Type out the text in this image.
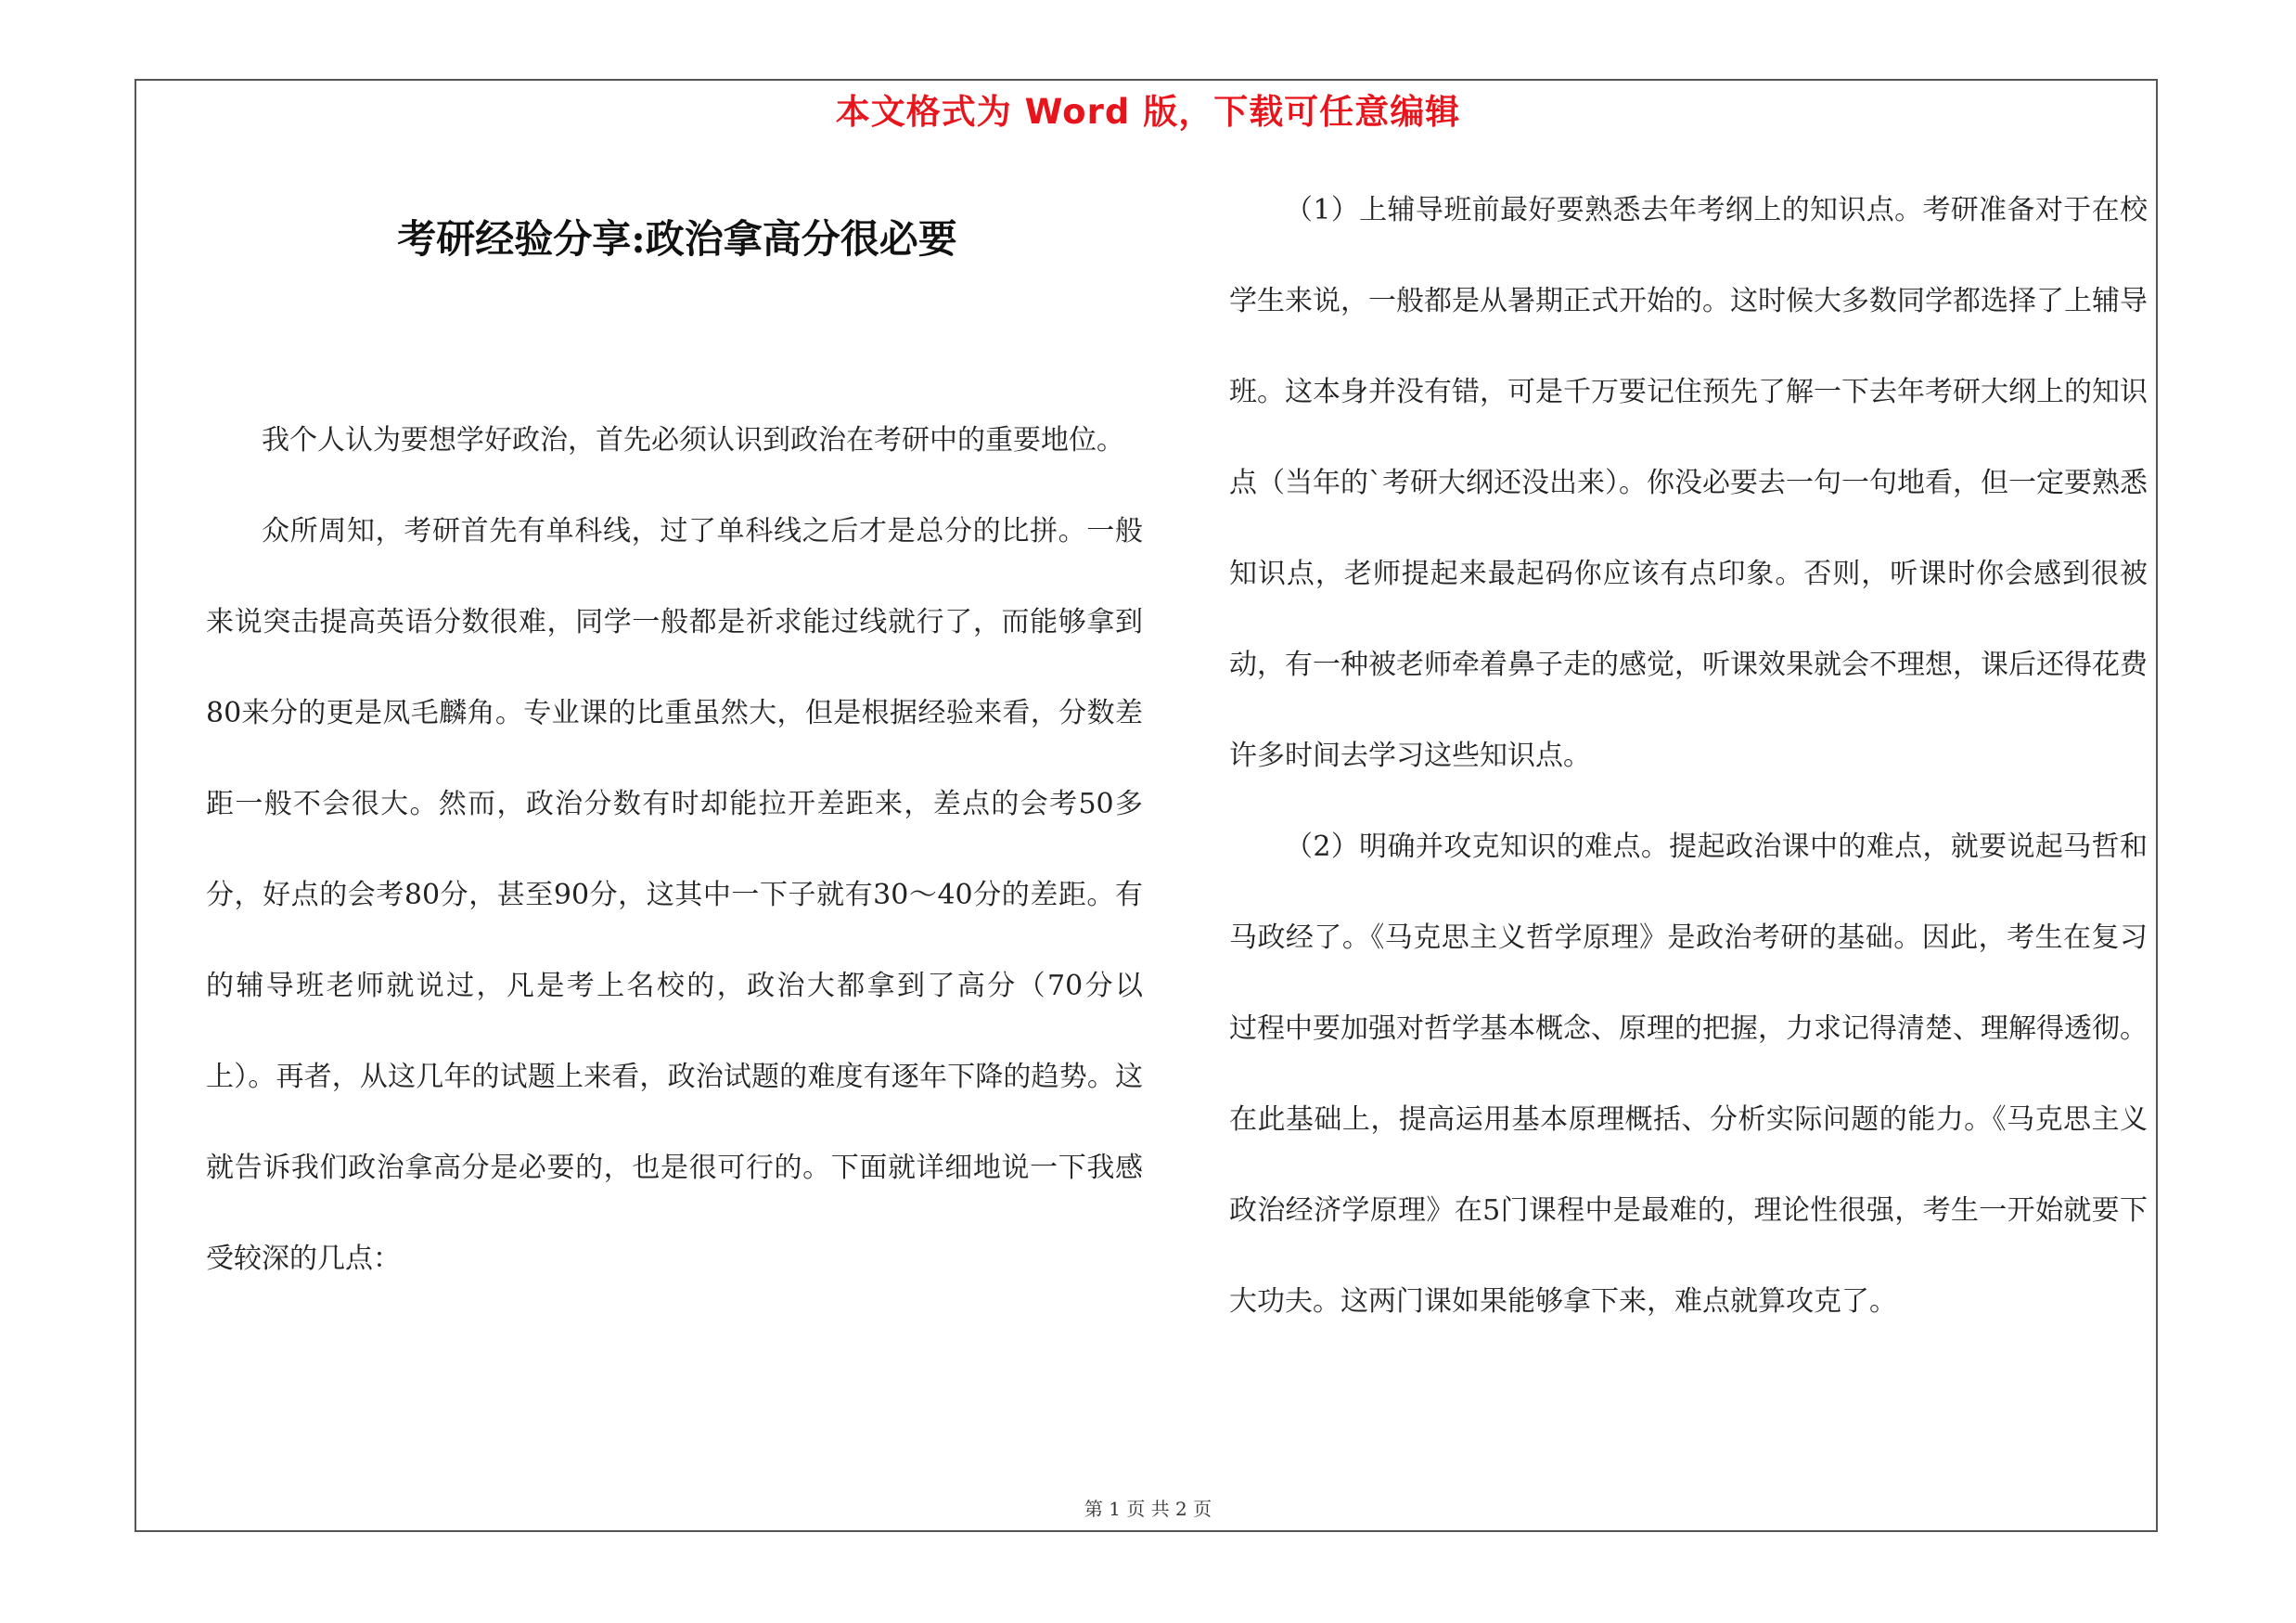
本文格式为 Word 版，下载可任意编辑
考研经验分享:政治拿高分很必要

我个人认为要想学好政治，首先必须认识到政治在考研中的重要地位。

众所周知，考研首先有单科线，过了单科线之后才是总分的比拼。一般来说突击提高英语分数很难，同学一般都是祈求能过线就行了，而能够拿到80来分的更是凤毛麟角。专业课的比重虽然大，但是根据经验来看，分数差距一般不会很大。然而，政治分数有时却能拉开差距来，差点的会考50多分，好点的会考80分，甚至90分，这其中一下子就有30～40分的差距。有的辅导班老师就说过，凡是考上名校的，政治大都拿到了高分（70分以上）。再者，从这几年的试题上来看，政治试题的难度有逐年下降的趋势。这就告诉我们政治拿高分是必要的，也是很可行的。下面就详细地说一下我感受较深的几点：

（1）上辅导班前最好要熟悉去年考纲上的知识点。考研准备对于在校学生来说，一般都是从暑期正式开始的。这时候大多数同学都选择了上辅导班。这本身并没有错，可是千万要记住预先了解一下去年考研大纲上的知识点（当年的`考研大纲还没出来）。你没必要去一句一句地看，但一定要熟悉知识点，老师提起来最起码你应该有点印象。否则，听课时你会感到很被动，有一种被老师牵着鼻子走的感觉，听课效果就会不理想，课后还得花费许多时间去学习这些知识点。

（2）明确并攻克知识的难点。提起政治课中的难点，就要说起马哲和马政经了。《马克思主义哲学原理》是政治考研的基础。因此，考生在复习过程中要加强对哲学基本概念、原理的把握，力求记得清楚、理解得透彻。在此基础上，提高运用基本原理概括、分析实际问题的能力。《马克思主义政治经济学原理》在5门课程中是最难的，理论性很强，考生一开始就要下大功夫。这两门课如果能够拿下来，难点就算攻克了。

第 1 页 共 2 页
